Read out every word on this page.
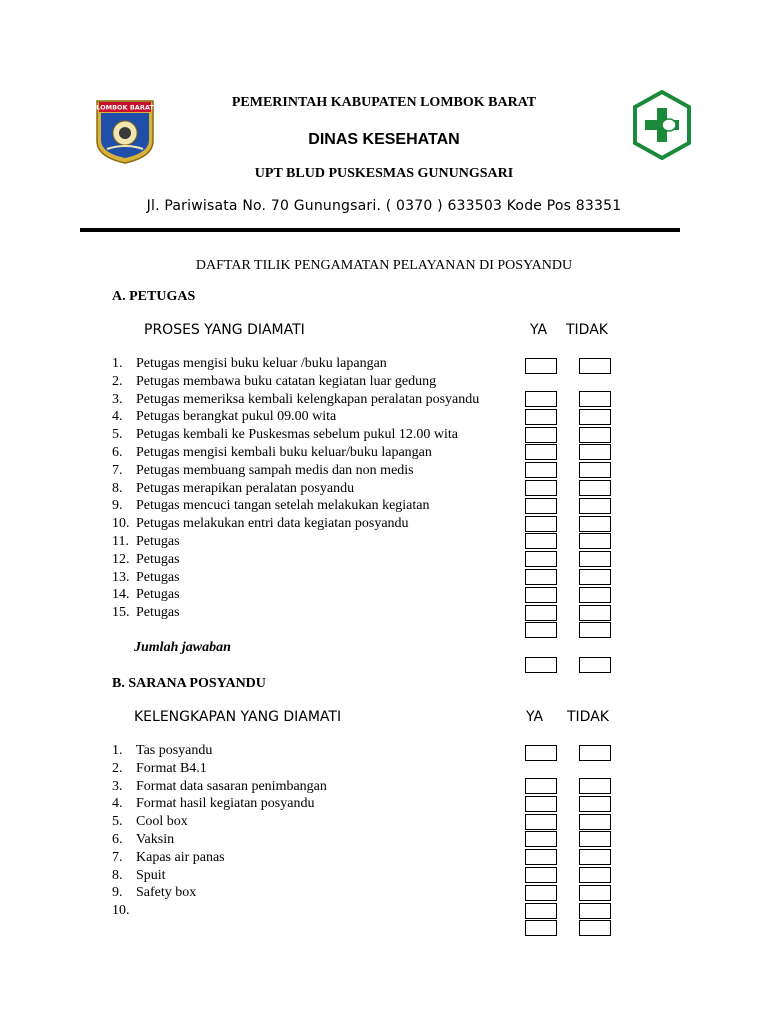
LOMBOK BARAT	PEMERINTAH KABUPATEN LOMBOK BARAT
DINAS KESEHATAN
UPT BLUD PUSKESMAS GUNUNGSARI
Jl. Pariwisata No. 70 Gunungsari. ( 0370 ) 633503 Kode Pos 83351
DAFTAR TILIK PENGAMATAN PELAYANAN DI POSYANDU
A. PETUGAS
PROSES YANG DIAMATI	YA TIDAK
1. Petugas mengisi buku keluar /buku lapangan
2. Petugas membawa buku catatan kegiatan luar gedung
3. Petugas memeriksa kembali kelengkapan peralatan posyandu
4. Petugas berangkat pukul 09.00 wita
5. Petugas kembali ke Puskesmas sebelum pukul 12.00 wita
6. Petugas mengisi kembali buku keluar/buku lapangan
7. Petugas membuang sampah medis dan non medis
8. Petugas merapikan peralatan posyandu
9. Petugas mencuci tangan setelah melakukan kegiatan
10. Petugas melakukan entri data kegiatan posyandu
11. Petugas
12. Petugas
13. Petugas
14. Petugas
15. Petugas
Jumlah jawaban
B. SARANA POSYANDU
KELENGKAPAN YANG DIAMATI	YA TIDAK
1. Tas posyandu
2. Format B4.1
3. Format data sasaran penimbangan
4. Format hasil kegiatan posyandu
5. Cool box
6. Vaksin
7. Kapas air panas
8. Spuit
9. Safety box
10.
